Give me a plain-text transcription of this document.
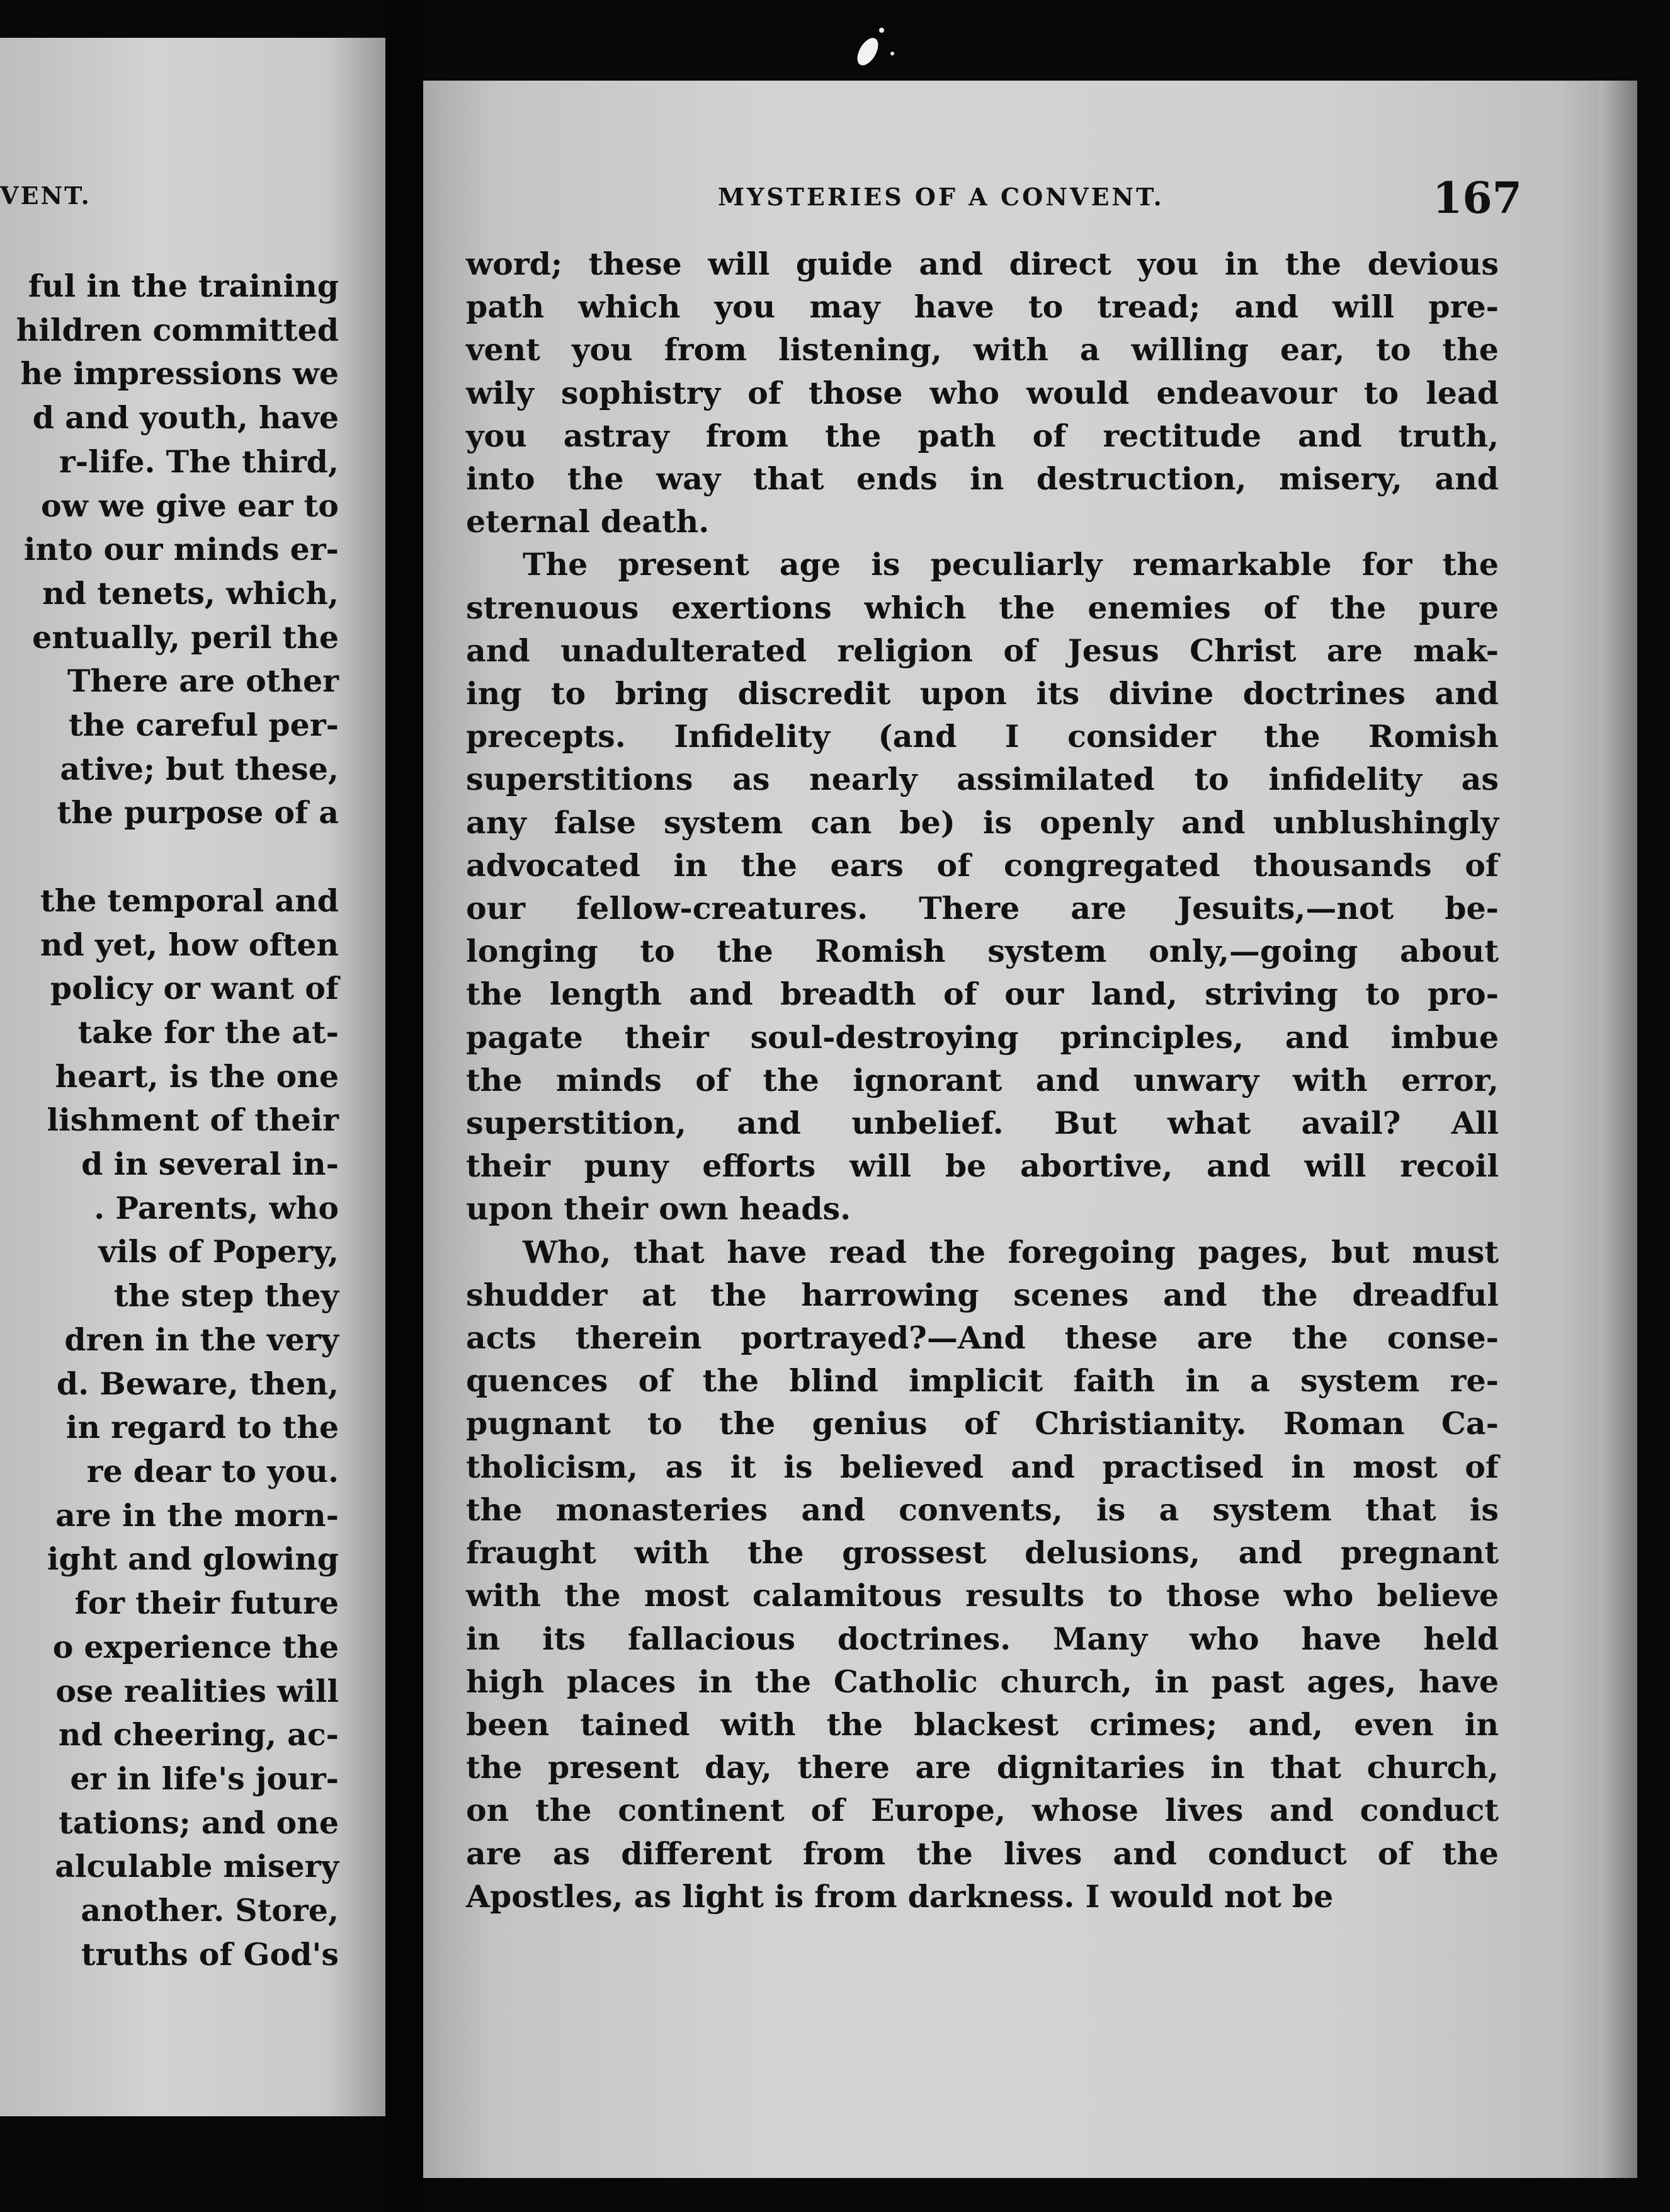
VENT.
ful in the training
hildren committed
he impressions we
d and youth, have
r-life. The third,
ow we give ear to
into our minds er-
nd tenets, which,
entually, peril the
There are other
the careful per-
ative; but these,
the purpose of a

the temporal and
nd yet, how often
policy or want of
take for the at-
heart, is the one
lishment of their
d in several in-
. Parents, who
vils of Popery,
the step they
dren in the very
d. Beware, then,
in regard to the
re dear to you.
are in the morn-
ight and glowing
for their future
o experience the
ose realities will
nd cheering, ac-
er in life's jour-
tations; and one
alculable misery
another. Store,
truths of God's
MYSTERIES OF A CONVENT.	167
word; these will guide and direct you in the devious
path which you may have to tread; and will pre-
vent you from listening, with a willing ear, to the
wily sophistry of those who would endeavour to lead
you astray from the path of rectitude and truth,
into the way that ends in destruction, misery, and
eternal death.
The present age is peculiarly remarkable for the
strenuous exertions which the enemies of the pure
and unadulterated religion of Jesus Christ are mak-
ing to bring discredit upon its divine doctrines and
precepts. Infidelity (and I consider the Romish
superstitions as nearly assimilated to infidelity as
any false system can be) is openly and unblushingly
advocated in the ears of congregated thousands of
our fellow-creatures. There are Jesuits,—not be-
longing to the Romish system only,—going about
the length and breadth of our land, striving to pro-
pagate their soul-destroying principles, and imbue
the minds of the ignorant and unwary with error,
superstition, and unbelief. But what avail? All
their puny efforts will be abortive, and will recoil
upon their own heads.
Who, that have read the foregoing pages, but must
shudder at the harrowing scenes and the dreadful
acts therein portrayed?—And these are the conse-
quences of the blind implicit faith in a system re-
pugnant to the genius of Christianity. Roman Ca-
tholicism, as it is believed and practised in most of
the monasteries and convents, is a system that is
fraught with the grossest delusions, and pregnant
with the most calamitous results to those who believe
in its fallacious doctrines. Many who have held
high places in the Catholic church, in past ages, have
been tained with the blackest crimes; and, even in
the present day, there are dignitaries in that church,
on the continent of Europe, whose lives and conduct
are as different from the lives and conduct of the
Apostles, as light is from darkness. I would not be
